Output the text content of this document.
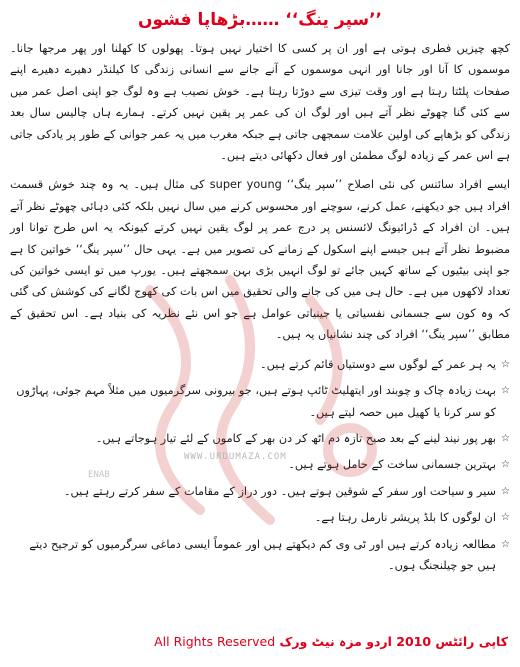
’’سپر ینگ‘‘ ……بڑھاپا فشوں

کچھ چیزیں فطری ہوتی ہے اور ان پر کسی کا اختیار نہیں ہوتا۔ پھولوں کا کھلنا اور پھر مرجھا جانا۔ موسموں کا آنا اور جانا اور انہی موسموں کے آنے جانے سے انسانی زندگی کا کیلنڈر دھیرے دھیرے اپنے صفحات پلٹتا رہتا ہے اور وقت تیزی سے دوڑتا رہتا ہے۔ خوش نصیب ہے وہ لوگ جو اپنی اصل عمر میں سے کئی گنا چھوٹے نظر آتے ہیں اور لوگ ان کی عمر پر یقین نہیں کرتے۔ ہمارے ہاں چالیس سال بعد زندگی کو بڑھاپے کی اولین علامت سمجھی جاتی ہے جبکہ مغرب میں یہ عمر جوانی کے طور پر یادکی جاتی ہے اس عمر کے زیادہ لوگ مطمئن اور فعال دکھائی دیتے ہیں۔

ایسے افراد سائنس کی نئی اصلاح ’’سپر ینگ‘‘ super young کی مثال ہیں۔ یہ وہ چند خوش قسمت افراد ہیں جو دیکھنے، عمل کرنے، سوچنے اور محسوس کرنے میں سال نہیں بلکہ کئی دہائی چھوٹے نظر آتے ہیں۔ ان افراد کے ڈرائیونگ لائسنس پر درج عمر پر لوگ یقین نہیں کرتے کیونکہ یہ اس طرح توانا اور مضبوط نظر آتے ہیں جیسے اپنے اسکول کے زمانے کی تصویر میں ہے۔ یہی حال ’’سپر ینگ‘‘ خواتین کا ہے جو اپنی بیٹیوں کے ساتھ کہیں جائے تو لوگ انہیں بڑی بہن سمجھتے ہیں۔ یورپ میں تو ایسی خواتین کی تعداد لاکھوں میں ہے۔ حال ہی میں کی جانے والی تحقیق میں اس بات کی کھوج لگانے کی کوشش کی گئی کہ وہ کون سے جسمانی نفسیاتی یا جینیاتی عوامل ہے جو اس نئے نظریہ کی بنیاد ہے۔ اس تحقیق کے مطابق ’’سپر ینگ‘‘ افراد کی چند نشانیاں یہ ہیں۔

☆
یہ ہر عمر کے لوگوں سے دوستیاں قائم کرتے ہیں۔
☆
بہت زیادہ چاک و چوبند اور ایتھلیٹ ٹائپ ہوتے ہیں، جو بیرونی سرگرمیوں میں مثلاً مہم جوئی، پہاڑوں کو سر کرنا یا کھیل میں حصہ لیتے ہیں۔
☆
بھر پور نیند لینے کے بعد صبح تازہ دم اٹھ کر دن بھر کے کاموں کے لئے تیار ہوجاتے ہیں۔
☆
بہترین جسمانی ساخت کے حامل ہوتے ہیں۔
☆
سیر و سیاحت اور سفر کے شوقین ہوتے ہیں۔ دور دراز کے مقامات کے سفر کرتے رہتے ہیں۔
☆
ان لوگوں کا بلڈ پریشر نارمل رہتا ہے۔
☆
مطالعہ زیادہ کرتے ہیں اور ٹی وی کم دیکھتے ہیں اور عموماً ایسی دماغی سرگرمیوں کو ترجیح دیتے ہیں جو چیلنجنگ ہوں۔
WWW.URDUMAZA.COM
ENAB
کاپی رائٹس 2010 اردو مزہ نیٹ ورک All Rights Reserved
